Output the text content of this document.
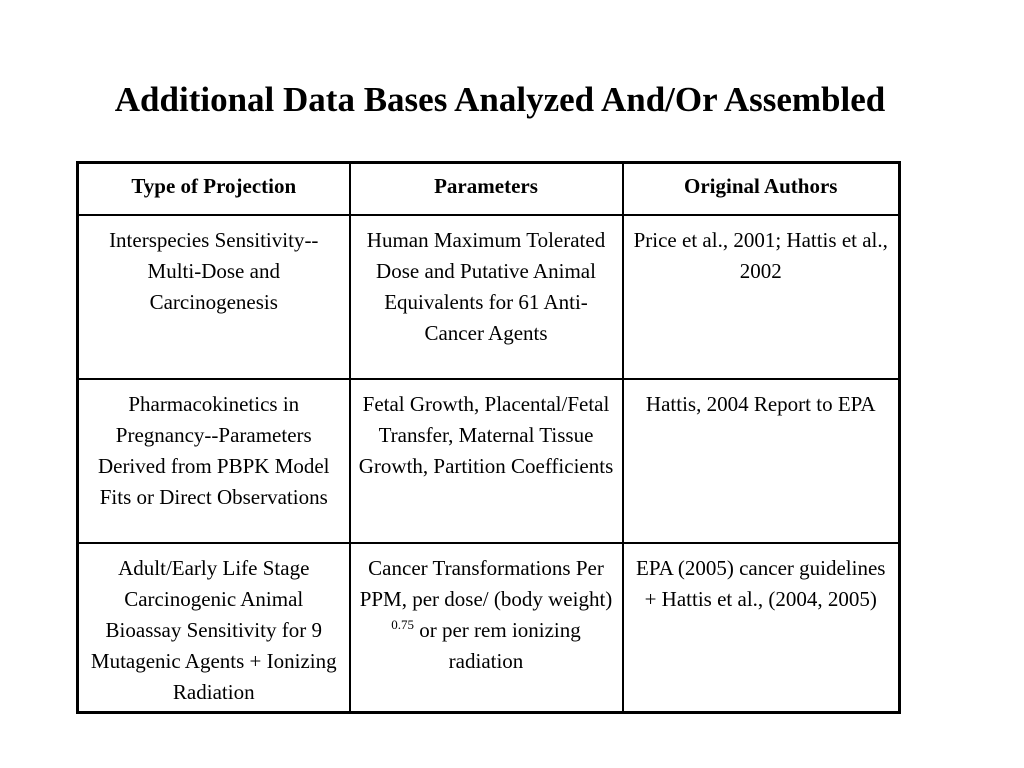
Additional Data Bases Analyzed And/Or Assembled
Type of Projection	Parameters	Original Authors
Interspecies Sensitivity--Multi-Dose and Carcinogenesis	Human Maximum Tolerated Dose and Putative Animal Equivalents for 61 Anti-Cancer Agents	Price et al., 2001; Hattis et al., 2002
Pharmacokinetics in Pregnancy--Parameters Derived from PBPK Model Fits or Direct Observations	Fetal Growth, Placental/Fetal Transfer, Maternal Tissue Growth, Partition Coefficients	Hattis, 2004 Report to EPA
Adult/Early Life Stage Carcinogenic Animal Bioassay Sensitivity for 9 Mutagenic Agents + Ionizing Radiation	Cancer Transformations Per PPM, per dose/ (body weight) $^{0.75}$ or per rem ionizing radiation	EPA (2005) cancer guidelines + Hattis et al., (2004, 2005)
